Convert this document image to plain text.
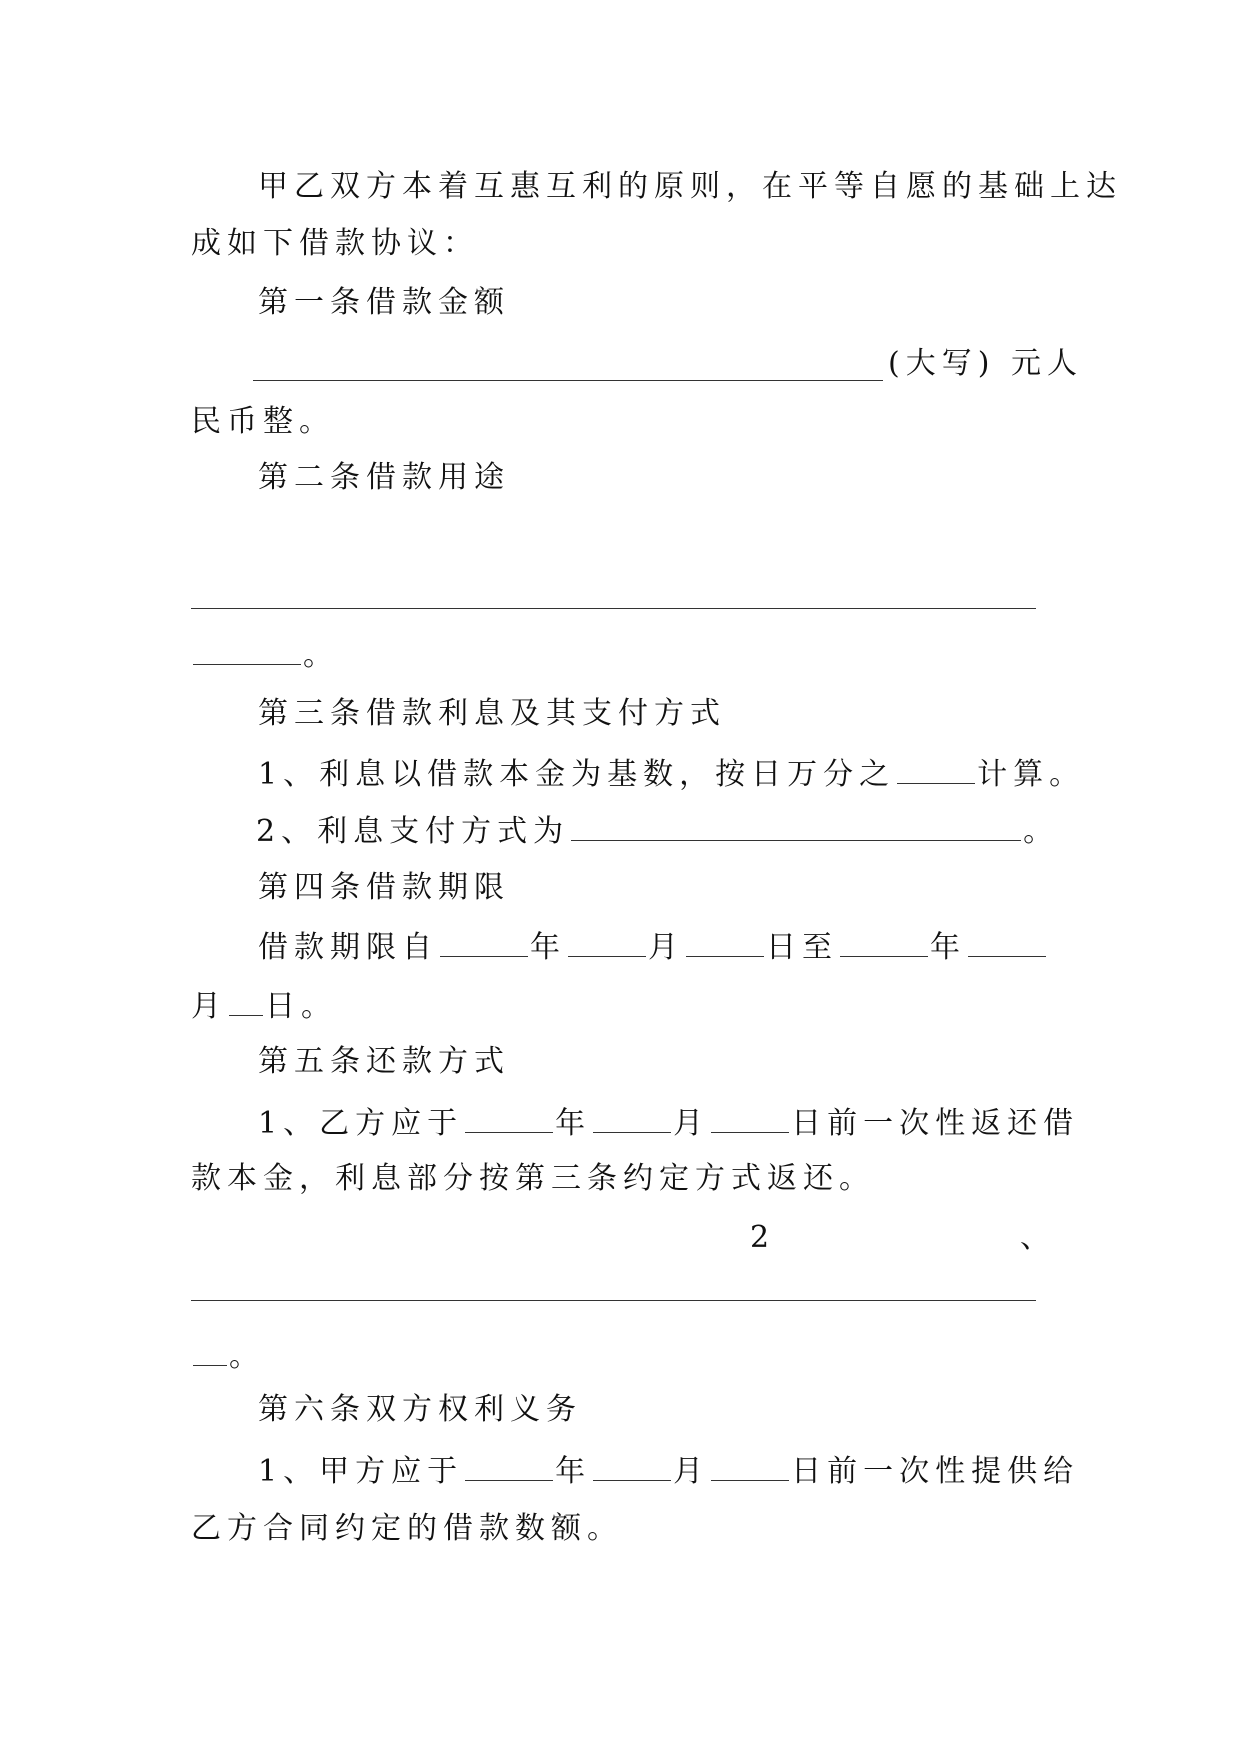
甲乙双方本着互惠互利的原则，在平等自愿的基础上达
成如下借款协议：
第一条借款金额
(大写) 元人
民币整。
第二条借款用途
。
第三条借款利息及其支付方式
1、利息以借款本金为基数，按日万分之	计算。
2、利息支付方式为	。
第四条借款期限
借款期限自	年	月	日至	年
月 日。
第五条还款方式
1、乙方应于	年	月	日前一次性返还借
款本金，利息部分按第三条约定方式返还。
2	、
。
第六条双方权利义务
1、甲方应于	年	月	日前一次性提供给
乙方合同约定的借款数额。
